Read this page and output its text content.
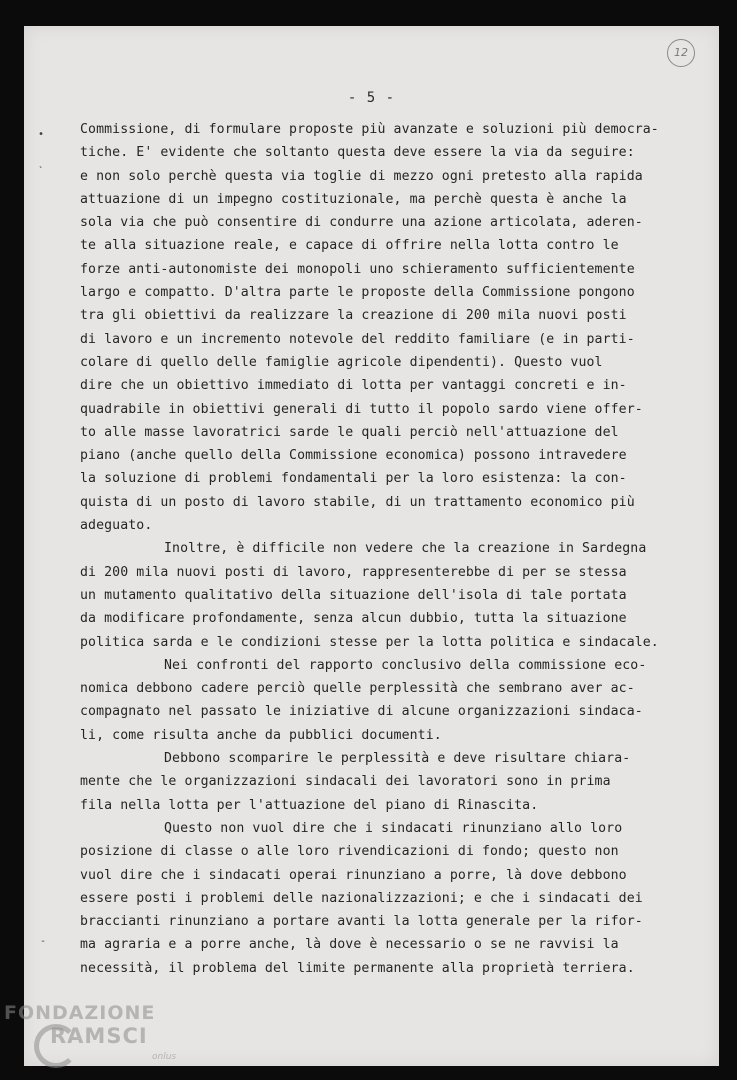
12
- 5 -
•
`
-
Commissione, di formulare proposte più avanzate e soluzioni più democra-
tiche. E' evidente che soltanto questa deve essere la via da seguire:
e non solo perchè questa via toglie di mezzo ogni pretesto alla rapida
attuazione di un impegno costituzionale, ma perchè questa è anche la
sola via che può consentire di condurre una azione articolata, aderen-
te alla situazione reale, e capace di offrire nella lotta contro le
forze anti-autonomiste dei monopoli uno schieramento sufficientemente
largo e compatto. D'altra parte le proposte della Commissione pongono
tra gli obiettivi da realizzare la creazione di 200 mila nuovi posti
di lavoro e un incremento notevole del reddito familiare (e in parti-
colare di quello delle famiglie agricole dipendenti). Questo vuol
dire che un obiettivo immediato di lotta per vantaggi concreti e in-
quadrabile in obiettivi generali di tutto il popolo sardo viene offer-
to alle masse lavoratrici sarde le quali perciò nell'attuazione del
piano (anche quello della Commissione economica) possono intravedere
la soluzione di problemi fondamentali per la loro esistenza: la con-
quista di un posto di lavoro stabile, di un trattamento economico più
adeguato.
Inoltre, è difficile non vedere che la creazione in Sardegna
di 200 mila nuovi posti di lavoro, rappresenterebbe di per se stessa
un mutamento qualitativo della situazione dell'isola di tale portata
da modificare profondamente, senza alcun dubbio, tutta la situazione
politica sarda e le condizioni stesse per la lotta politica e sindacale.
Nei confronti del rapporto conclusivo della commissione eco-
nomica debbono cadere perciò quelle perplessità che sembrano aver ac-
compagnato nel passato le iniziative di alcune organizzazioni sindaca-
li, come risulta anche da pubblici documenti.
Debbono scomparire le perplessità e deve risultare chiara-
mente che le organizzazioni sindacali dei lavoratori sono in prima
fila nella lotta per l'attuazione del piano di Rinascita.
Questo non vuol dire che i sindacati rinunziano allo loro
posizione di classe o alle loro rivendicazioni di fondo; questo non
vuol dire che i sindacati operai rinunziano a porre, là dove debbono
essere posti i problemi delle nazionalizzazioni; e che i sindacati dei
braccianti rinunziano a portare avanti la lotta generale per la rifor-
ma agraria e a porre anche, là dove è necessario o se ne ravvisi la
necessità, il problema del limite permanente alla proprietà terriera.
FONDAZIONE
RAMSCI
onlus
